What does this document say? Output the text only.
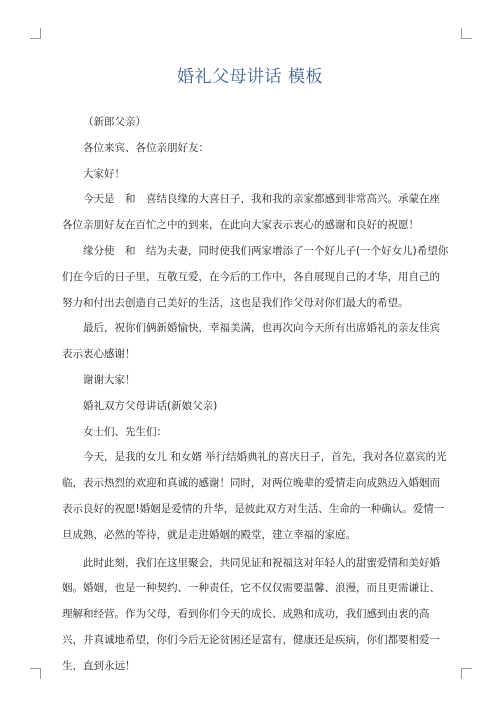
婚礼父母讲话 模板

（新郎父亲）

各位来宾、各位亲朋好友：

大家好！

今天是　和　喜结良缘的大喜日子，我和我的亲家都感到非常高兴。承蒙在座各位亲朋好友在百忙之中的到来，在此向大家表示衷心的感谢和良好的祝愿！

缘分使　和　结为夫妻，同时使我们两家增添了一个好儿子(一个好女儿)希望你们在今后的日子里，互敬互爱，在今后的工作中，各自展现自己的才华，用自己的努力和付出去创造自己美好的生活，这也是我们作父母对你们最大的希望。

最后，祝你们俩新婚愉快，幸福美满，也再次向今天所有出席婚礼的亲友佳宾表示衷心感谢！

谢谢大家！

婚礼双方父母讲话(新娘父亲)

女士们、先生们：

今天，是我的女儿 和女婿 举行结婚典礼的喜庆日子，首先，我对各位嘉宾的光临，表示热烈的欢迎和真诚的感谢！同时，对两位晚辈的爱情走向成熟迈入婚姻而表示良好的祝愿!婚姻是爱情的升华，是彼此双方对生活、生命的一种确认。爱情一旦成熟，必然的等待，就是走进婚姻的殿堂，建立幸福的家庭。

此时此刻，我们在这里聚会，共同见证和祝福这对年轻人的甜蜜爱情和美好婚姻。婚姻，也是一种契约、一种责任，它不仅仅需要温馨、浪漫，而且更需谦让、理解和经营。作为父母，看到你们今天的成长、成熟和成功，我们感到由衷的高兴，并真诚地希望，你们今后无论贫困还是富有，健康还是疾病，你们都要相爱一生，直到永远！
